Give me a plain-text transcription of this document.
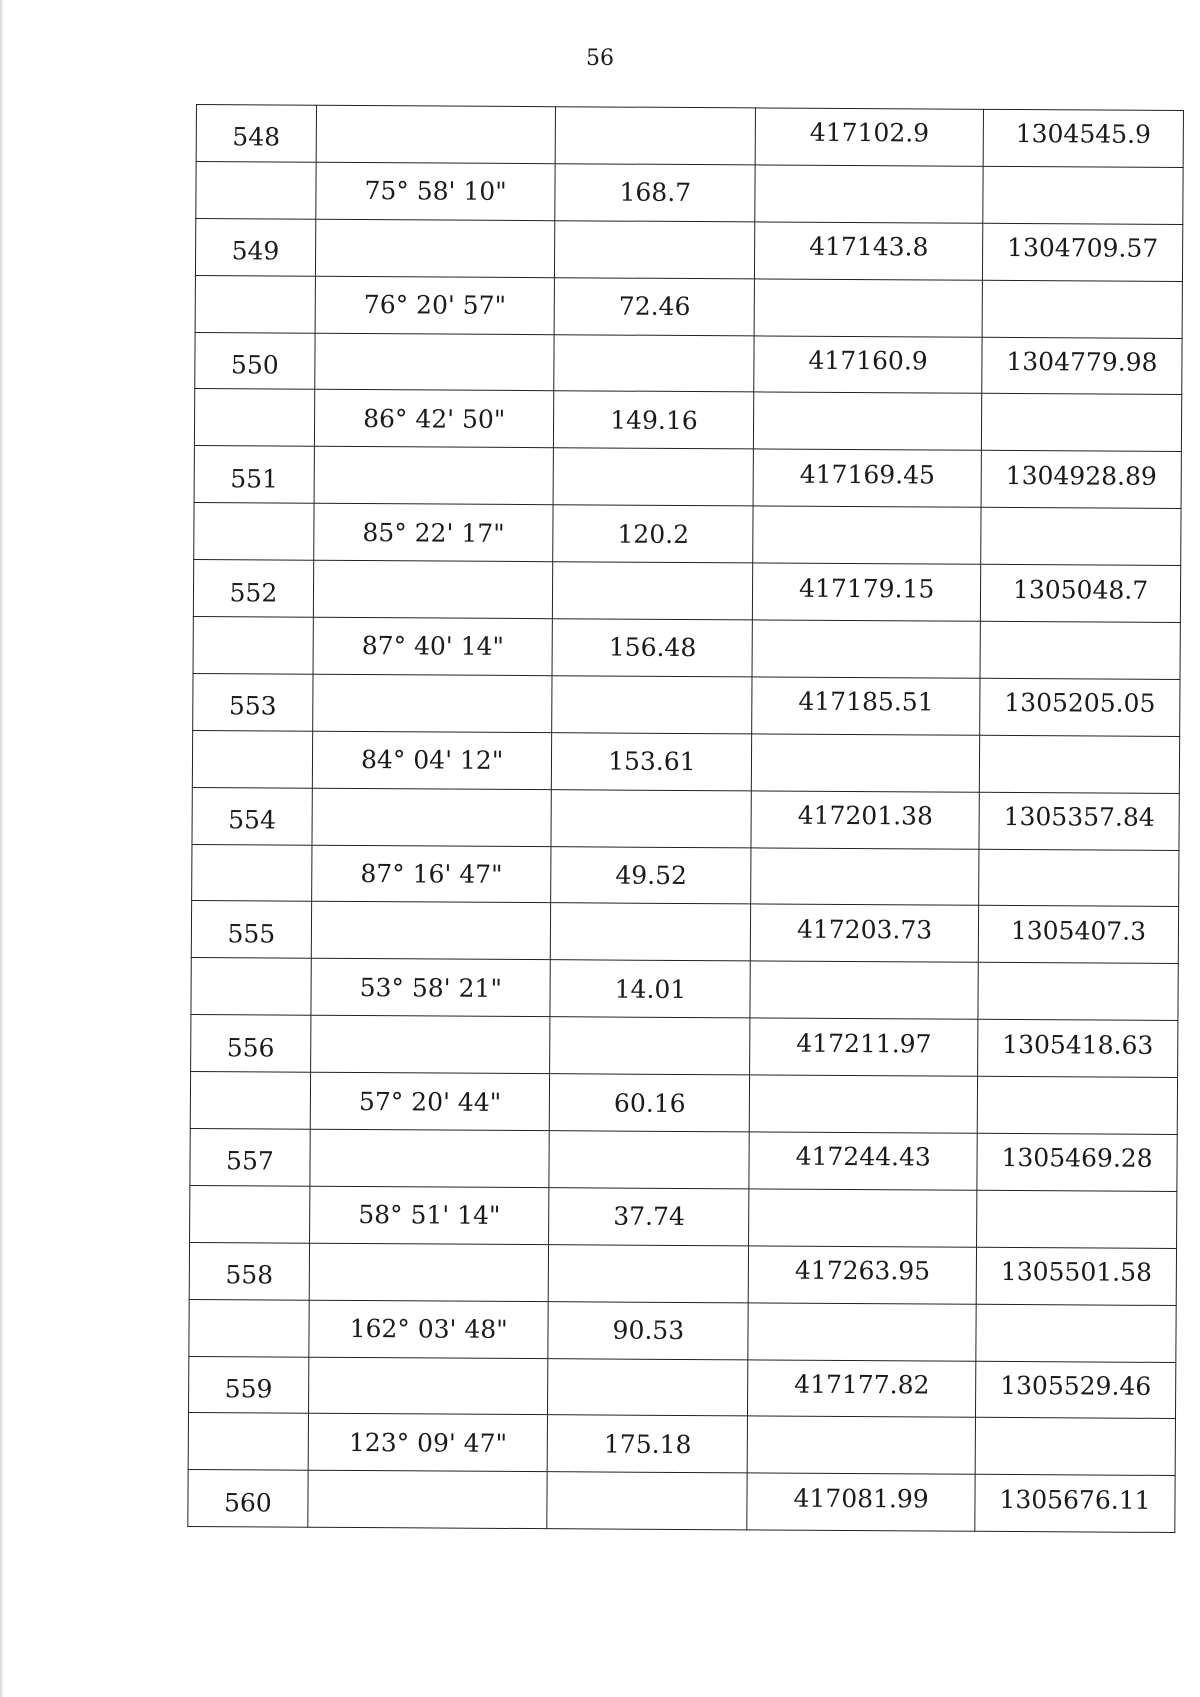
56
548			417102.9	1304545.9
	75° 58' 10"	168.7		
549			417143.8	1304709.57
	76° 20' 57"	72.46		
550			417160.9	1304779.98
	86° 42' 50"	149.16		
551			417169.45	1304928.89
	85° 22' 17"	120.2		
552			417179.15	1305048.7
	87° 40' 14"	156.48		
553			417185.51	1305205.05
	84° 04' 12"	153.61		
554			417201.38	1305357.84
	87° 16' 47"	49.52		
555			417203.73	1305407.3
	53° 58' 21"	14.01		
556			417211.97	1305418.63
	57° 20' 44"	60.16		
557			417244.43	1305469.28
	58° 51' 14"	37.74		
558			417263.95	1305501.58
	162° 03' 48"	90.53		
559			417177.82	1305529.46
	123° 09' 47"	175.18		
560			417081.99	1305676.11
